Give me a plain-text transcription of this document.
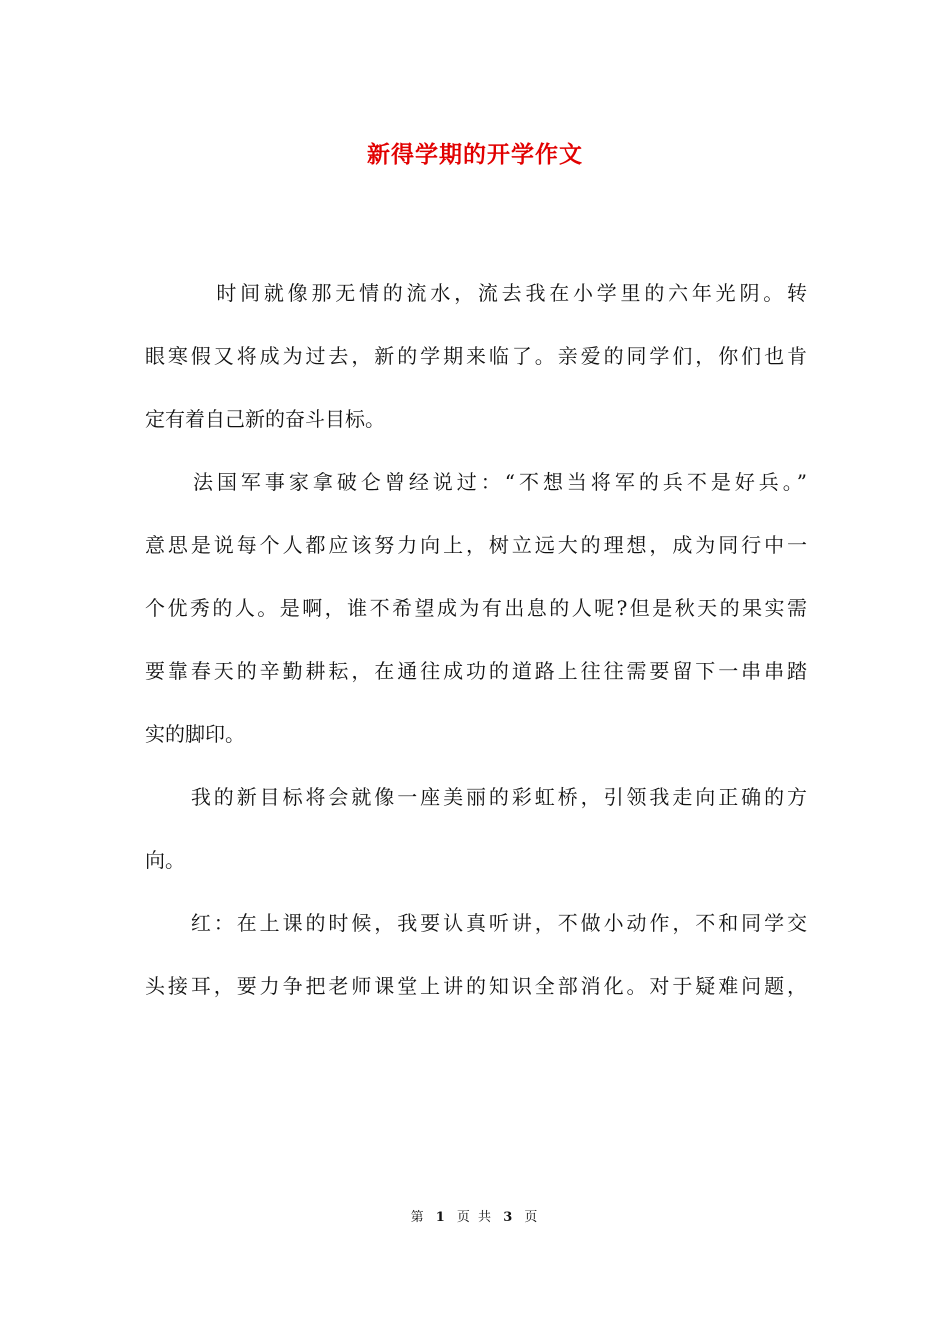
新得学期的开学作文
　　　时间就像那无情的流水，流去我在小学里的六年光阴。转
眼寒假又将成为过去，新的学期来临了。亲爱的同学们，你们也肯
定有着自己新的奋斗目标。
　　法国军事家拿破仑曾经说过：“不想当将军的兵不是好兵。”
意思是说每个人都应该努力向上，树立远大的理想，成为同行中一
个优秀的人。是啊，谁不希望成为有出息的人呢?但是秋天的果实需
要靠春天的辛勤耕耘，在通往成功的道路上往往需要留下一串串踏
实的脚印。
　　我的新目标将会就像一座美丽的彩虹桥，引领我走向正确的方
向。
　　红：在上课的时候，我要认真听讲，不做小动作，不和同学交
头接耳，要力争把老师课堂上讲的知识全部消化。对于疑难问题，
第 1 页 共 3 页
